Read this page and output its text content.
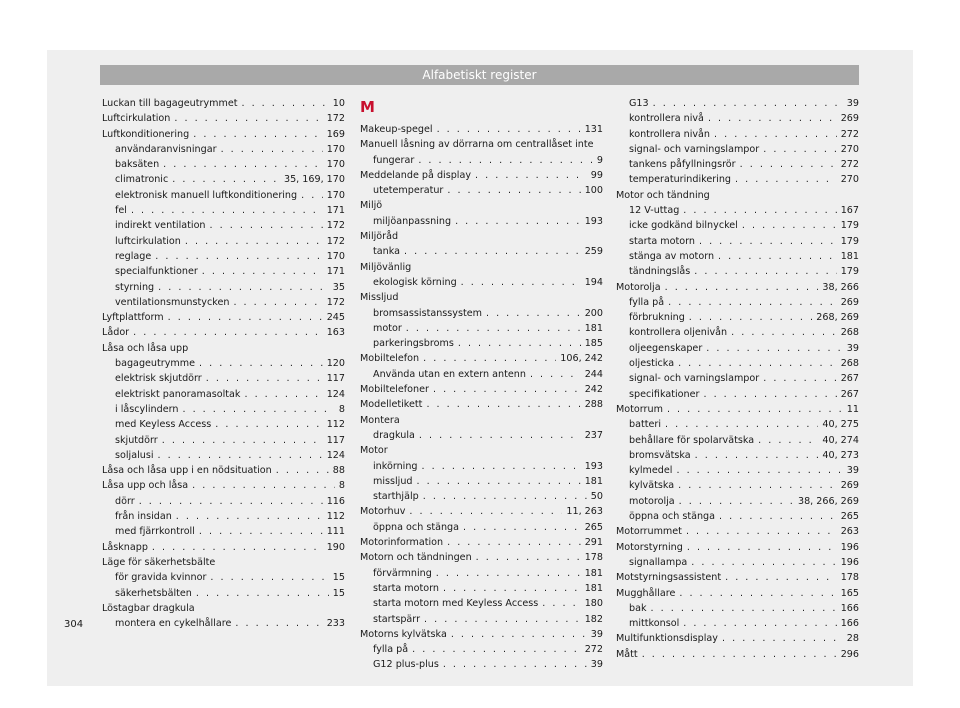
Alfabetiskt register
Luckan till bagageutrymmet . . .	10
Luftcirkulation . . .	172
Luftkonditionering . . .	169
användaranvisningar . . .	170
baksäten . . .	170
climatronic . . .	35, 169, 170
elektronisk manuell luftkonditionering . . .	170
fel . . .	171
indirekt ventilation . . .	172
luftcirkulation . . .	172
reglage . . .	170
specialfunktioner . . .	171
styrning . . .	35
ventilationsmunstycken . . .	172
Lyftplattform . . .	245
Lådor . . .	163
Låsa och låsa upp
bagageutrymme . . .	120
elektrisk skjutdörr . . .	117
elektriskt panoramasoltak . . .	124
i låscylindern . . .	8
med Keyless Access . . .	112
skjutdörr . . .	117
soljalusi . . .	124
Låsa och låsa upp i en nödsituation . . .	88
Låsa upp och låsa . . .	8
dörr . . .	116
från insidan . . .	112
med fjärrkontroll . . .	111
Låsknapp . . .	190
Läge för säkerhetsbälte
för gravida kvinnor . . .	15
säkerhetsbälten . . .	15
Löstagbar dragkula
montera en cykelhållare . . .	233
M
Makeup-spegel . . .	131
Manuell låsning av dörrarna om centrallåset inte
fungerar . . .	9
Meddelande på display . . .	99
utetemperatur . . .	100
Miljö
miljöanpassning . . .	193
Miljöråd
tanka . . .	259
Miljövänlig
ekologisk körning . . .	194
Missljud
bromsassistanssystem . . .	200
motor . . .	181
parkeringsbroms . . .	185
Mobiltelefon . . .	106, 242
Använda utan en extern antenn . . .	244
Mobiltelefoner . . .	242
Modelletikett . . .	288
Montera
dragkula . . .	237
Motor
inkörning . . .	193
missljud . . .	181
starthjälp . . .	50
Motorhuv . . .	11, 263
öppna och stänga . . .	265
Motorinformation . . .	291
Motorn och tändningen . . .	178
förvärmning . . .	181
starta motorn . . .	181
starta motorn med Keyless Access . . .	180
startspärr . . .	182
Motorns kylvätska . . .	39
fylla på . . .	272
G12 plus-plus . . .	39
G13 . . .	39
kontrollera nivå . . .	269
kontrollera nivån . . .	272
signal- och varningslampor . . .	270
tankens påfyllningsrör . . .	272
temperaturindikering . . .	270
Motor och tändning
12 V-uttag . . .	167
icke godkänd bilnyckel . . .	179
starta motorn . . .	179
stänga av motorn . . .	181
tändningslås . . .	179
Motorolja . . .	38, 266
fylla på . . .	269
förbrukning . . .	268, 269
kontrollera oljenivån . . .	268
oljeegenskaper . . .	39
oljesticka . . .	268
signal- och varningslampor . . .	267
specifikationer . . .	267
Motorrum . . .	11
batteri . . .	40, 275
behållare för spolarvätska . . .	40, 274
bromsvätska . . .	40, 273
kylmedel . . .	39
kylvätska . . .	269
motorolja . . .	38, 266, 269
öppna och stänga . . .	265
Motorrummet . . .	263
Motorstyrning . . .	196
signallampa . . .	196
Motstyrningsassistent . . .	178
Mugghållare . . .	165
bak . . .	166
mittkonsol . . .	166
Multifunktionsdisplay . . .	28
Mått . . .	296
304
